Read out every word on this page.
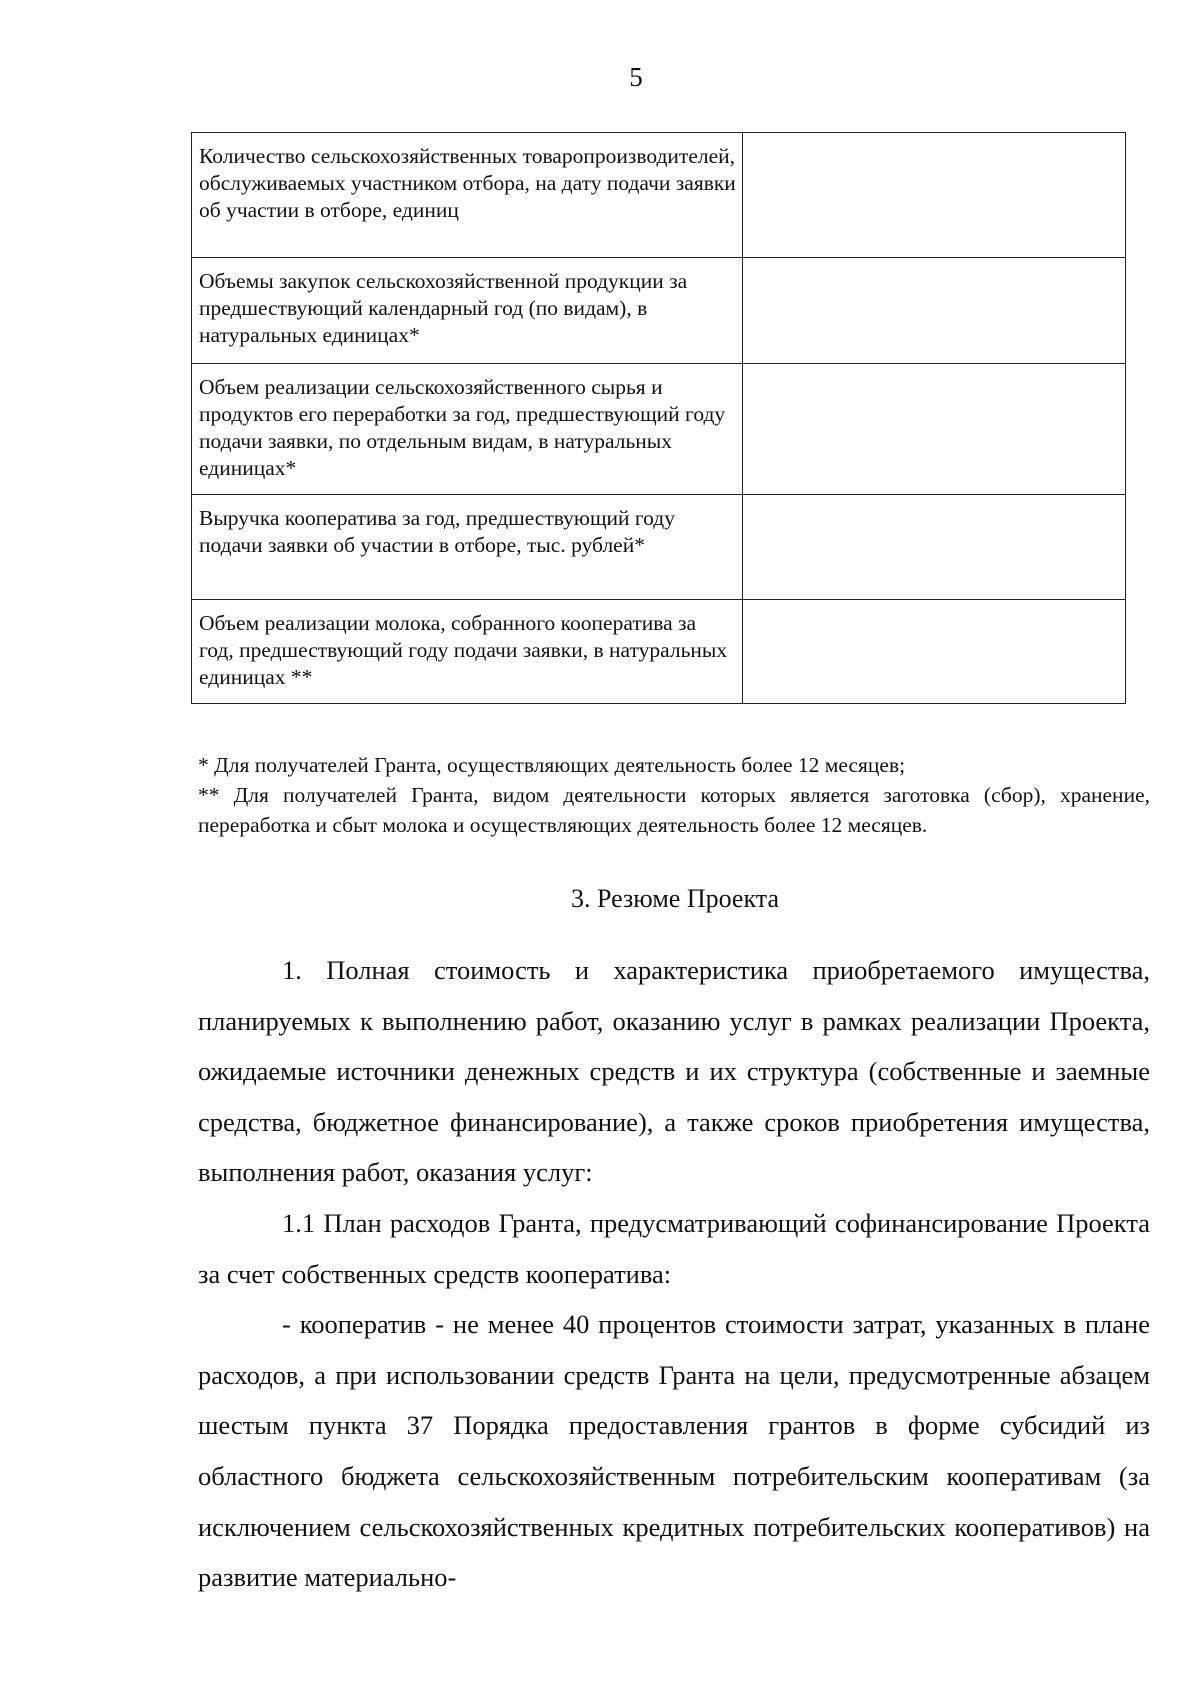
5
Количество сельскохозяйственных товаропроизводителей, обслуживаемых участником отбора, на дату подачи заявки об участии в отборе, единиц	
Объемы закупок сельскохозяйственной продукции за предшествующий календарный год (по видам), в натуральных единицах*	
Объем реализации сельскохозяйственного сырья и продуктов его переработки за год, предшествующий году подачи заявки, по отдельным видам, в натуральных единицах*	
Выручка кооператива за год, предшествующий году подачи заявки об участии в отборе, тыс. рублей*	
Объем реализации молока, собранного кооператива за год, предшествующий году подачи заявки, в натуральных единицах **	

* Для получателей Гранта, осуществляющих деятельность более 12 месяцев;

** Для получателей Гранта, видом деятельности которых является заготовка (сбор), хранение, переработка и сбыт молока и осуществляющих деятельность более 12 месяцев.

3. Резюме Проекта

1. Полная стоимость и характеристика приобретаемого имущества, планируемых к выполнению работ, оказанию услуг в рамках реализации Проекта, ожидаемые источники денежных средств и их структура (собственные и заемные средства, бюджетное финансирование), а также сроков приобретения имущества, выполнения работ, оказания услуг:

1.1 План расходов Гранта, предусматривающий софинансирование Проекта за счет собственных средств кооператива:

- кооператив - не менее 40 процентов стоимости затрат, указанных в плане расходов, а при использовании средств Гранта на цели, предусмотренные абзацем шестым пункта 37 Порядка предоставления грантов в форме субсидий из областного бюджета сельскохозяйственным потребительским кооперативам (за исключением сельскохозяйственных кредитных потребительских кооперативов) на развитие материально-
